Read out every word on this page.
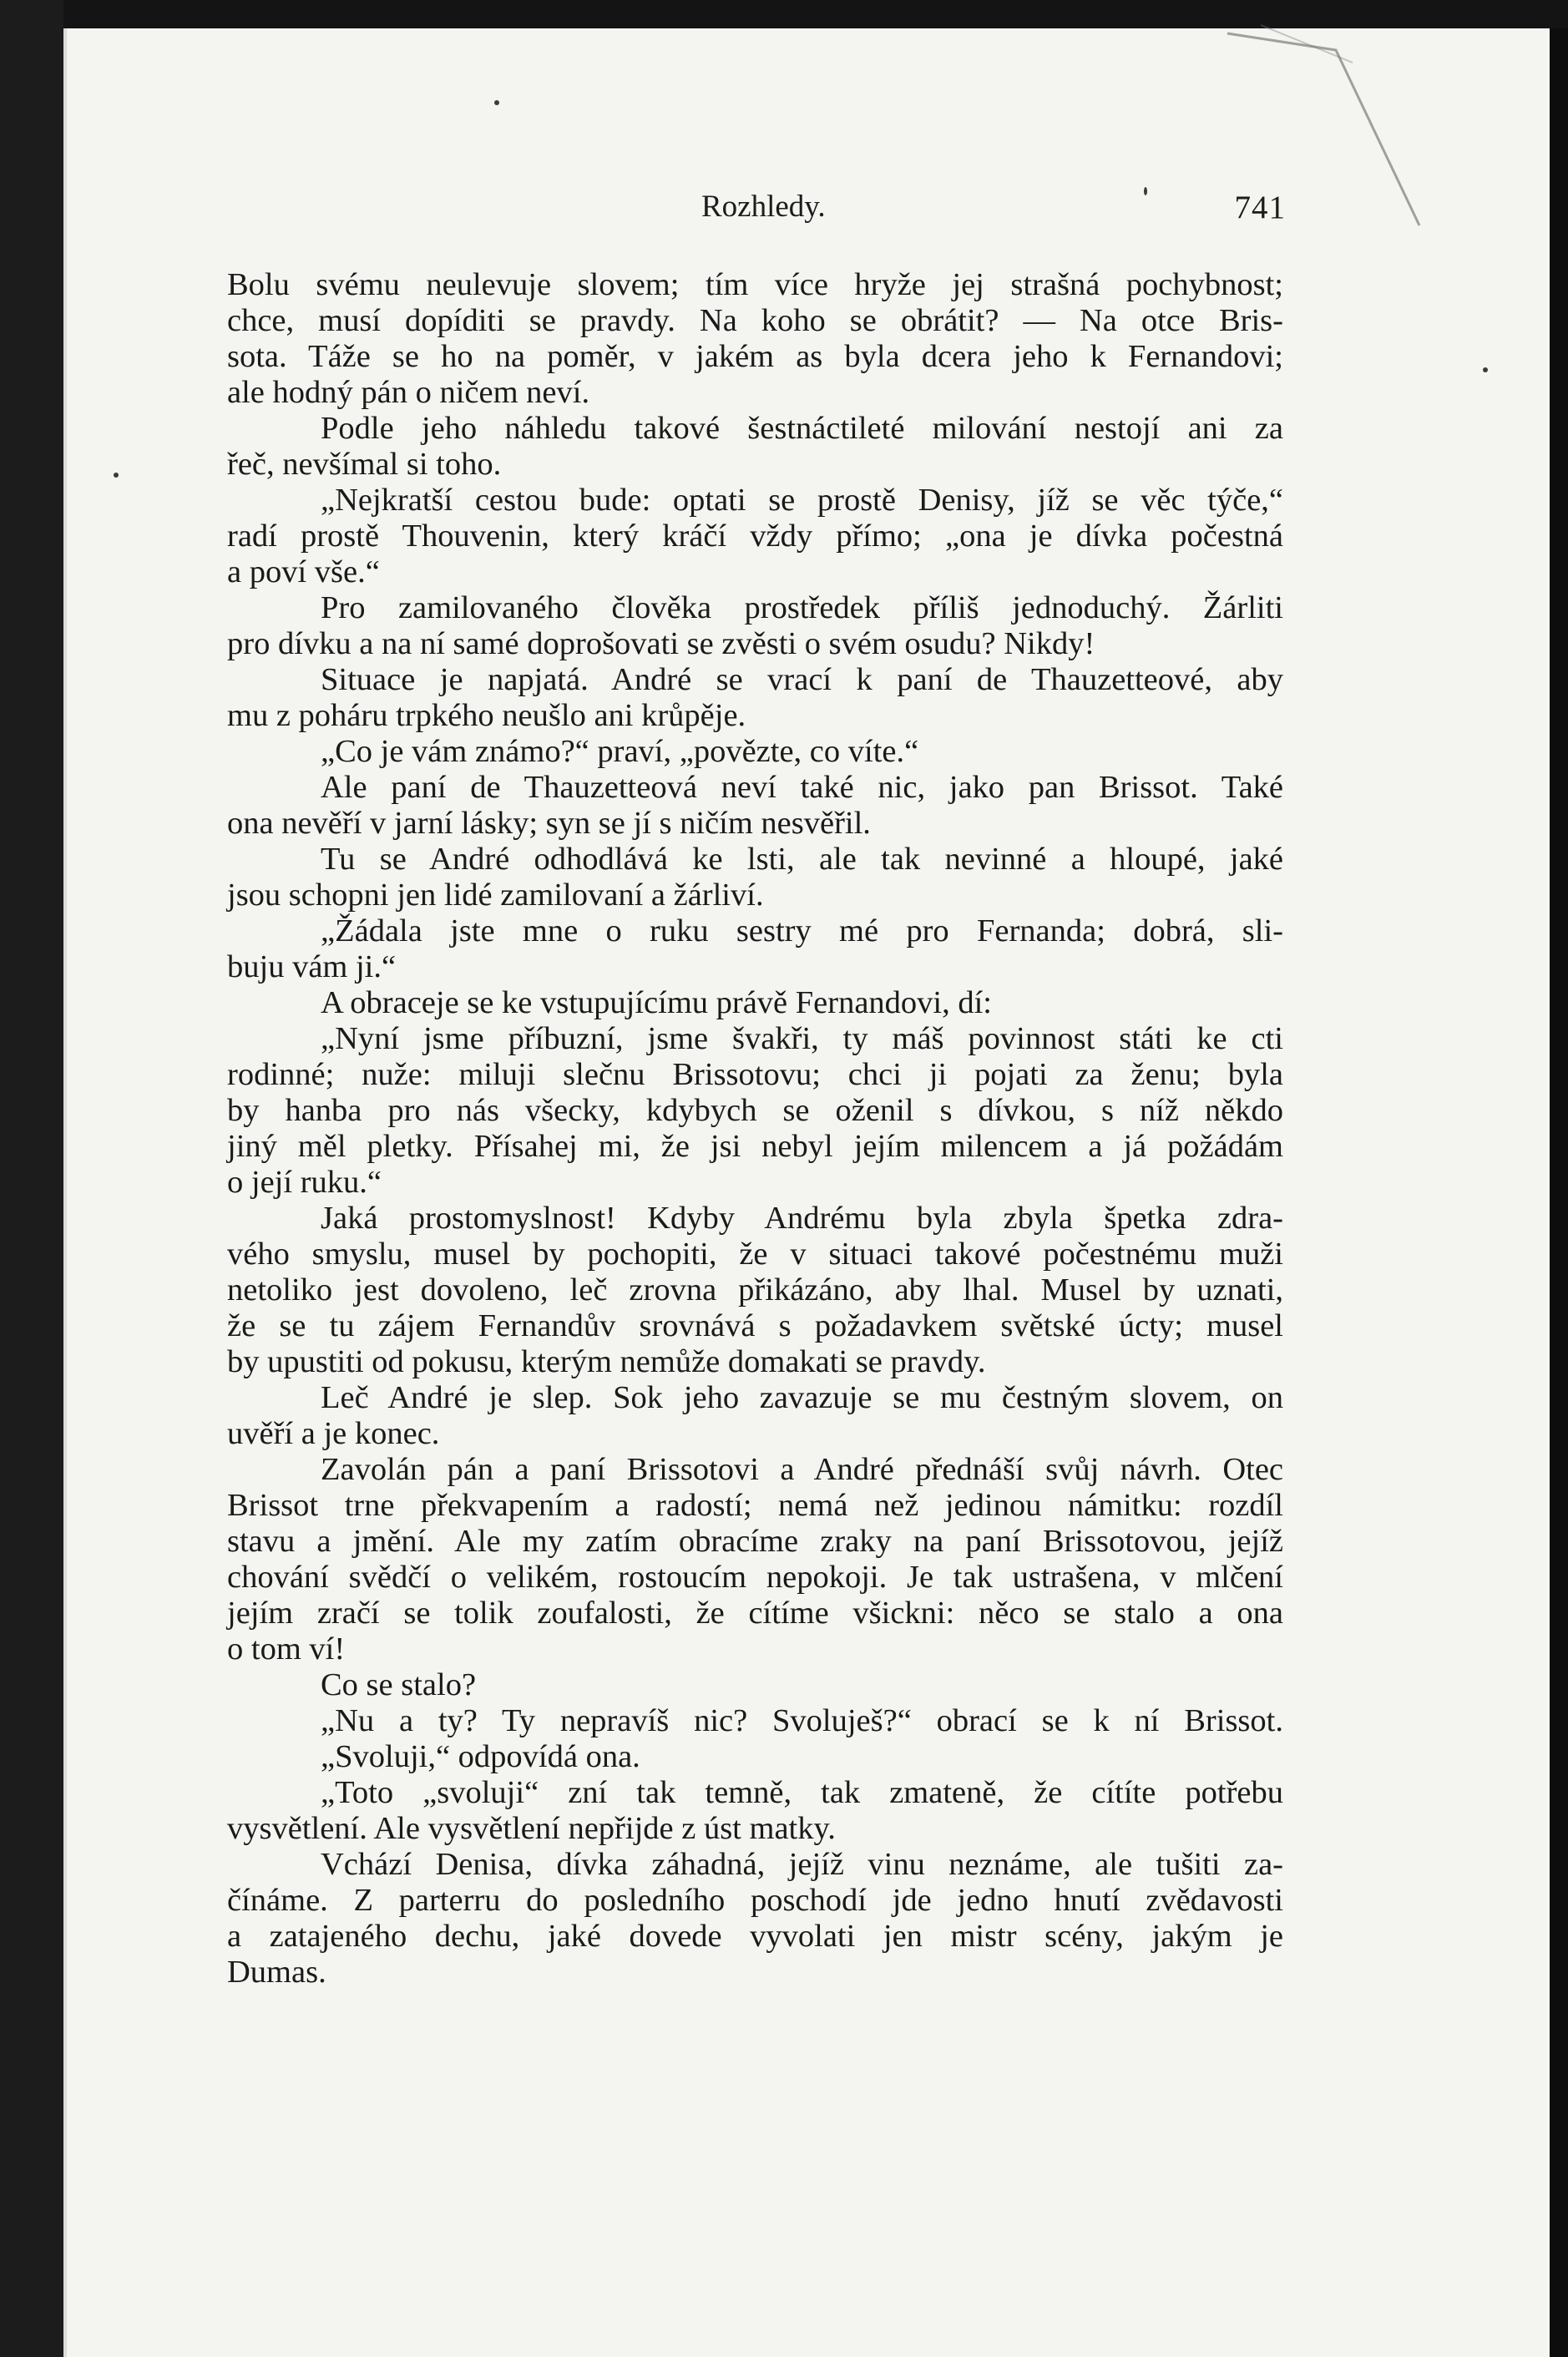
Rozhledy.	741
Bolu svému neulevuje slovem; tím více hryže jej strašná pochybnost;
chce, musí dopíditi se pravdy. Na koho se obrátit? — Na otce Bris-
sota. Táže se ho na poměr, v jakém as byla dcera jeho k Fernandovi;
ale hodný pán o ničem neví.
Podle jeho náhledu takové šestnáctileté milování nestojí ani za
řeč, nevšímal si toho.
„Nejkratší cestou bude: optati se prostě Denisy, jíž se věc týče,“
radí prostě Thouvenin, který kráčí vždy přímo; „ona je dívka počestná
a poví vše.“
Pro zamilovaného člověka prostředek příliš jednoduchý. Žárliti
pro dívku a na ní samé doprošovati se zvěsti o svém osudu? Nikdy!
Situace je napjatá. André se vrací k paní de Thauzetteové, aby
mu z poháru trpkého neušlo ani krůpěje.
„Co je vám známo?“ praví, „povězte, co víte.“
Ale paní de Thauzetteová neví také nic, jako pan Brissot. Také
ona nevěří v jarní lásky; syn se jí s ničím nesvěřil.
Tu se André odhodlává ke lsti, ale tak nevinné a hloupé, jaké
jsou schopni jen lidé zamilovaní a žárliví.
„Žádala jste mne o ruku sestry mé pro Fernanda; dobrá, sli-
buju vám ji.“
A obraceje se ke vstupujícímu právě Fernandovi, dí:
„Nyní jsme příbuzní, jsme švakři, ty máš povinnost státi ke cti
rodinné; nuže: miluji slečnu Brissotovu; chci ji pojati za ženu; byla
by hanba pro nás všecky, kdybych se oženil s dívkou, s níž někdo
jiný měl pletky. Přísahej mi, že jsi nebyl jejím milencem a já požádám
o její ruku.“
Jaká prostomyslnost! Kdyby Andrému byla zbyla špetka zdra-
vého smyslu, musel by pochopiti, že v situaci takové počestnému muži
netoliko jest dovoleno, leč zrovna přikázáno, aby lhal. Musel by uznati,
že se tu zájem Fernandův srovnává s požadavkem světské úcty; musel
by upustiti od pokusu, kterým nemůže domakati se pravdy.
Leč André je slep. Sok jeho zavazuje se mu čestným slovem, on
uvěří a je konec.
Zavolán pán a paní Brissotovi a André přednáší svůj návrh. Otec
Brissot trne překvapením a radostí; nemá než jedinou námitku: rozdíl
stavu a jmění. Ale my zatím obracíme zraky na paní Brissotovou, jejíž
chování svědčí o velikém, rostoucím nepokoji. Je tak ustrašena, v mlčení
jejím zračí se tolik zoufalosti, že cítíme všickni: něco se stalo a ona
o tom ví!
Co se stalo?
„Nu a ty? Ty nepravíš nic? Svoluješ?“ obrací se k ní Brissot.
„Svoluji,“ odpovídá ona.
„Toto „svoluji“ zní tak temně, tak zmateně, že cítíte potřebu
vysvětlení. Ale vysvětlení nepřijde z úst matky.
Vchází Denisa, dívka záhadná, jejíž vinu neznáme, ale tušiti za-
čínáme. Z parterru do posledního poschodí jde jedno hnutí zvědavosti
a zatajeného dechu, jaké dovede vyvolati jen mistr scény, jakým je
Dumas.
